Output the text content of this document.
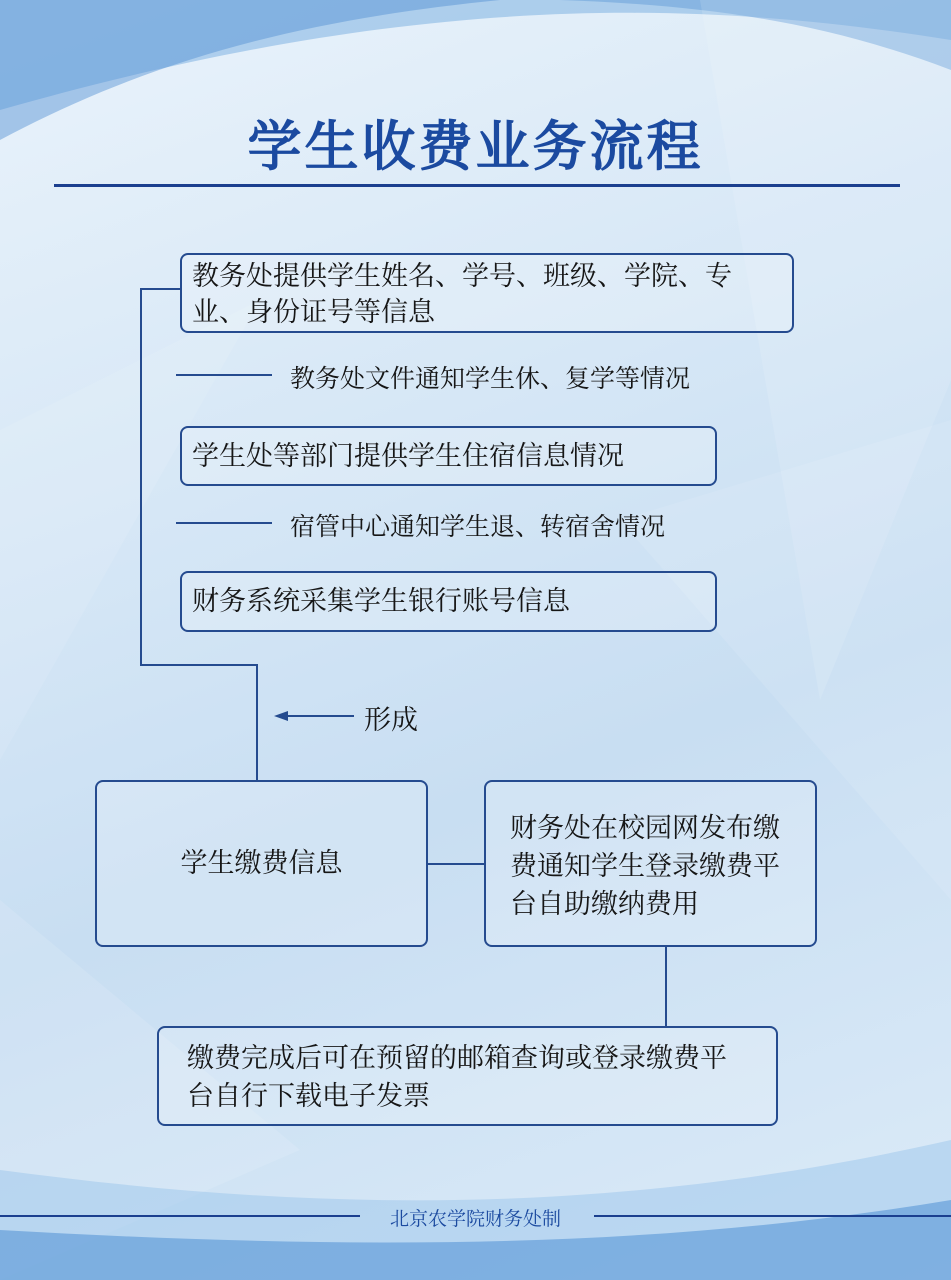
学生收费业务流程
教务处提供学生姓名、学号、班级、学院、专业、身份证号等信息
教务处文件通知学生休、复学等情况
学生处等部门提供学生住宿信息情况
宿管中心通知学生退、转宿舍情况
财务系统采集学生银行账号信息
形成
学生缴费信息
财务处在校园网发布缴费通知学生登录缴费平台自助缴纳费用
缴费完成后可在预留的邮箱查询或登录缴费平台自行下载电子发票
北京农学院财务处制
